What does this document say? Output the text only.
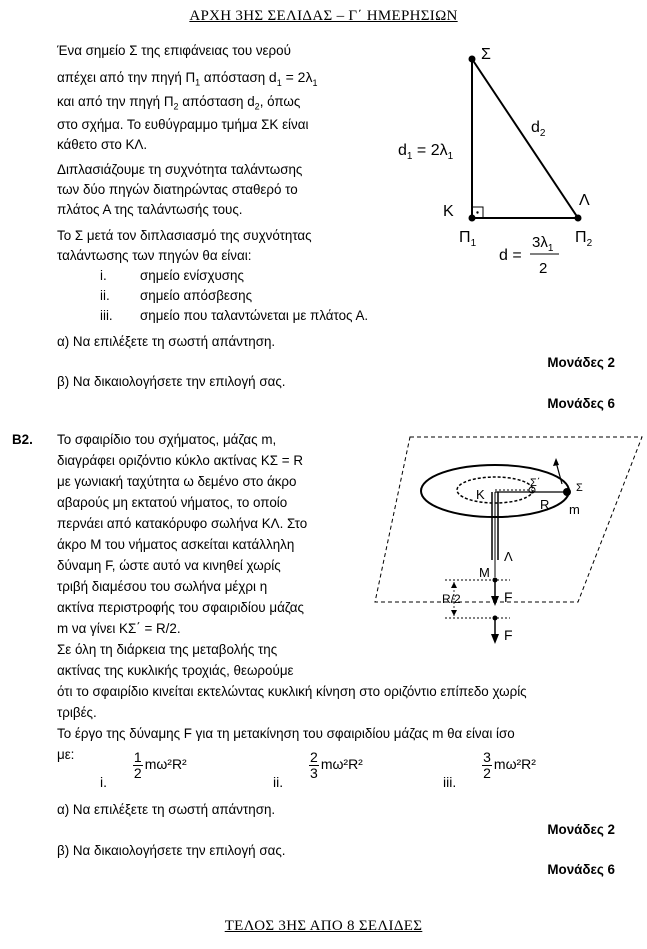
ΑΡΧΗ 3ΗΣ ΣΕΛΙΔΑΣ – Γ΄ ΗΜΕΡΗΣΙΩΝ
Ένα σημείο Σ της επιφάνειας του νερού
απέχει από την πηγή $\Pi_1$ απόσταση $d_1 = 2\lambda_1$
και από την πηγή $\Pi_2$ απόσταση $d_2$, όπως
στο σχήμα. Το ευθύγραμμο τμήμα ΣΚ είναι
κάθετο στο ΚΛ.
Διπλασιάζουμε τη συχνότητα ταλάντωσης
των δύο πηγών διατηρώντας σταθερό το
πλάτος Α της ταλάντωσής τους.
Το Σ μετά τον διπλασιασμό της συχνότητας
ταλάντωσης των πηγών θα είναι:
i. σημείο ενίσχυσης
ii. σημείο απόσβεσης
iii. σημείο που ταλαντώνεται με πλάτος Α.
α) Να επιλέξετε τη σωστή απάντηση.
Μονάδες 2
β) Να δικαιολογήσετε την επιλογή σας.
Μονάδες 6
Σ
$d_2$
$d_1 = 2\lambda_1$
Κ
Λ
$\Pi_1$	$\Pi_2$
d =
$3\lambda_1$
2
Β2. Το σφαιρίδιο του σχήματος, μάζας m,
διαγράφει οριζόντιο κύκλο ακτίνας ΚΣ = R
με γωνιακή ταχύτητα ω δεμένο στο άκρο
αβαρούς μη εκτατού νήματος, το οποίο
περνάει από κατακόρυφο σωλήνα ΚΛ. Στο
άκρο Μ του νήματος ασκείται κατάλληλη
δύναμη F, ώστε αυτό να κινηθεί χωρίς
τριβή διαμέσου του σωλήνα μέχρι η
ακτίνα περιστροφής του σφαιριδίου μάζας
m να γίνει ΚΣ΄ = R/2.
Σε όλη τη διάρκεια της μεταβολής της
ακτίνας της κυκλικής τροχιάς, θεωρούμε
ότι το σφαιρίδιο κινείται εκτελώντας κυκλική κίνηση στο οριζόντιο επίπεδο χωρίς
τριβές.
Το έργο της δύναμης F για τη μετακίνηση του σφαιριδίου μάζας m θα είναι ίσο
με:
i.
$\frac{1}{2} m\omega^2R^2$
ii.
$\frac{2}{3} m\omega^2R^2$
iii.
$\frac{3}{2} m\omega^2R^2$
α) Να επιλέξετε τη σωστή απάντηση.
Μονάδες 2
β) Να δικαιολογήσετε την επιλογή σας.
Μονάδες 6
Κ
Σ΄	Σ
R m
Λ
M
R/2	F
F
ΤΕΛΟΣ 3ΗΣ ΑΠΟ 8 ΣΕΛΙΔΕΣ
